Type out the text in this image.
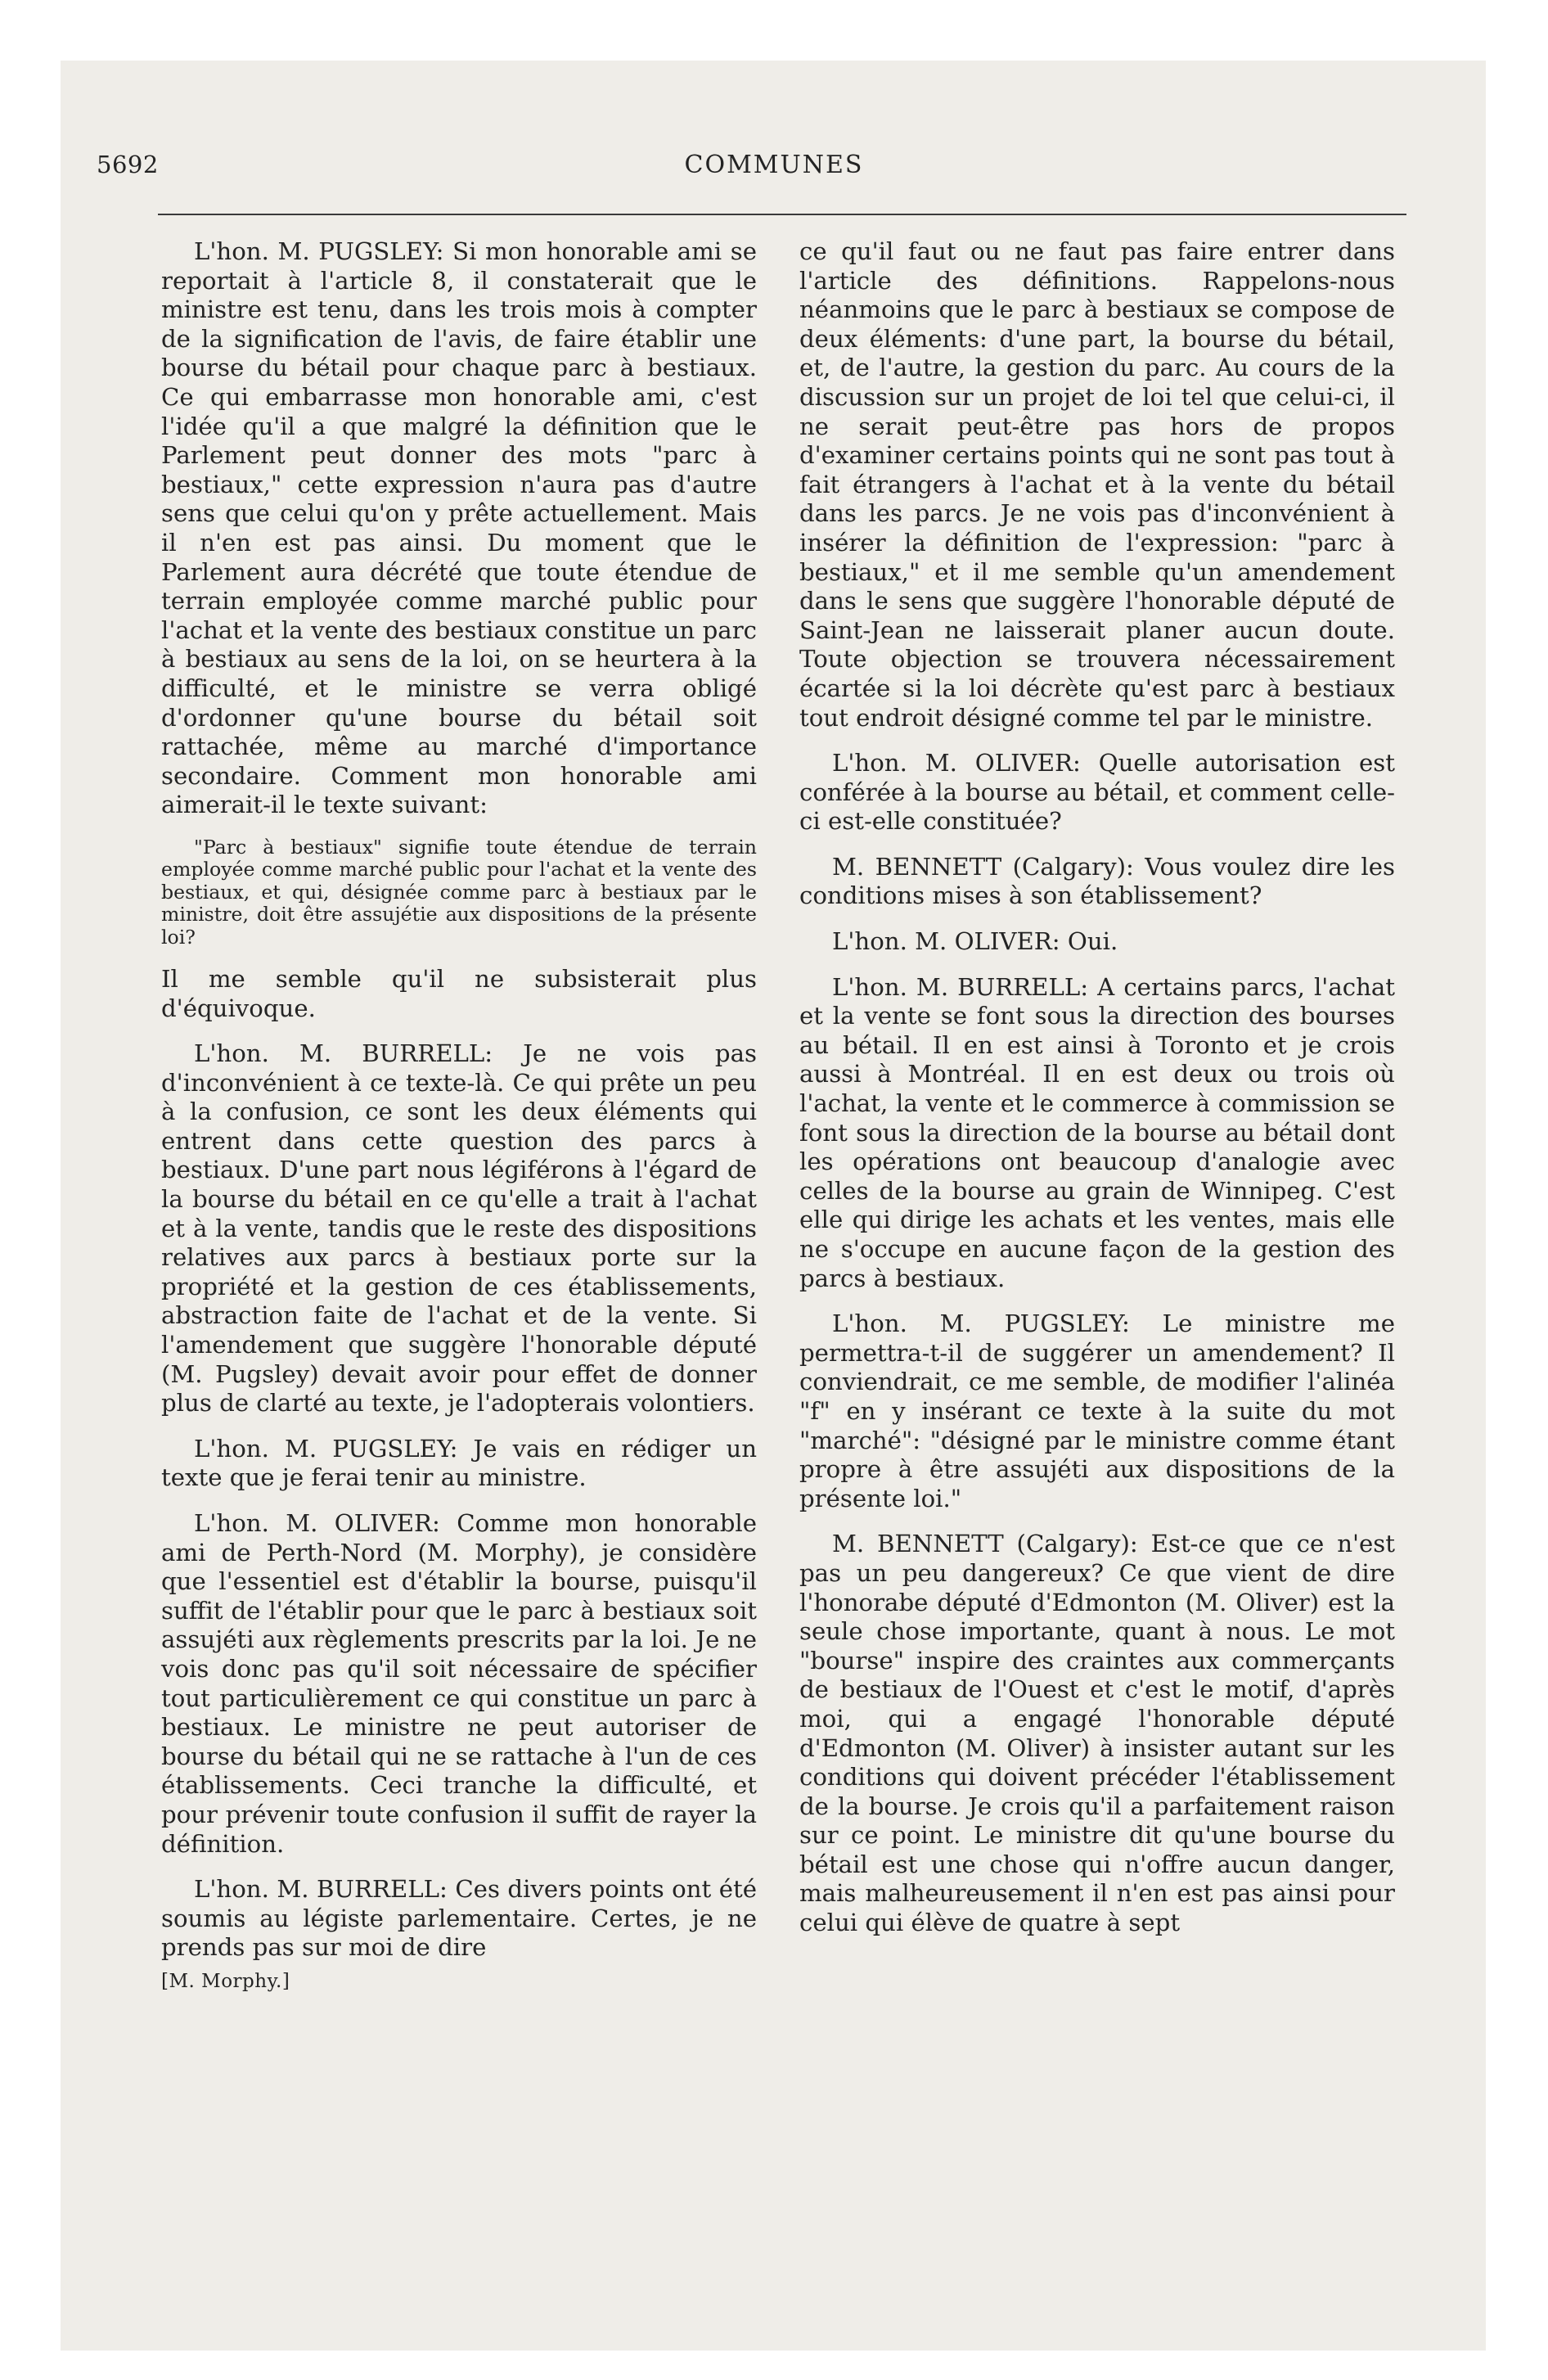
5692	COMMUNES

L'hon. M. PUGSLEY: Si mon honorable ami se reportait à l'article 8, il constaterait que le ministre est tenu, dans les trois mois à compter de la signification de l'avis, de faire établir une bourse du bétail pour chaque parc à bestiaux. Ce qui embarrasse mon honorable ami, c'est l'idée qu'il a que malgré la définition que le Parlement peut donner des mots "parc à bestiaux," cette expression n'aura pas d'autre sens que celui qu'on y prête actuellement. Mais il n'en est pas ainsi. Du moment que le Parlement aura décrété que toute étendue de terrain employée comme marché public pour l'achat et la vente des bestiaux constitue un parc à bestiaux au sens de la loi, on se heurtera à la difficulté, et le ministre se verra obligé d'ordonner qu'une bourse du bétail soit rattachée, même au marché d'importance secondaire. Comment mon honorable ami aimerait-il le texte suivant:

"Parc à bestiaux" signifie toute étendue de terrain employée comme marché public pour l'achat et la vente des bestiaux, et qui, désignée comme parc à bestiaux par le ministre, doit être assujétie aux dispositions de la présente loi?

Il me semble qu'il ne subsisterait plus d'équivoque.

L'hon. M. BURRELL: Je ne vois pas d'inconvénient à ce texte-là. Ce qui prête un peu à la confusion, ce sont les deux éléments qui entrent dans cette question des parcs à bestiaux. D'une part nous légiférons à l'égard de la bourse du bétail en ce qu'elle a trait à l'achat et à la vente, tandis que le reste des dispositions relatives aux parcs à bestiaux porte sur la propriété et la gestion de ces établissements, abstraction faite de l'achat et de la vente. Si l'amendement que suggère l'honorable député (M. Pugsley) devait avoir pour effet de donner plus de clarté au texte, je l'adopterais volontiers.

L'hon. M. PUGSLEY: Je vais en rédiger un texte que je ferai tenir au ministre.

L'hon. M. OLIVER: Comme mon honorable ami de Perth-Nord (M. Morphy), je considère que l'essentiel est d'établir la bourse, puisqu'il suffit de l'établir pour que le parc à bestiaux soit assujéti aux règlements prescrits par la loi. Je ne vois donc pas qu'il soit nécessaire de spécifier tout particulièrement ce qui constitue un parc à bestiaux. Le ministre ne peut autoriser de bourse du bétail qui ne se rattache à l'un de ces établissements. Ceci tranche la difficulté, et pour prévenir toute confusion il suffit de rayer la définition.

L'hon. M. BURRELL: Ces divers points ont été soumis au légiste parlementaire. Certes, je ne prends pas sur moi de dire

[M. Morphy.]

ce qu'il faut ou ne faut pas faire entrer dans l'article des définitions. Rappelons-nous néanmoins que le parc à bestiaux se compose de deux éléments: d'une part, la bourse du bétail, et, de l'autre, la gestion du parc. Au cours de la discussion sur un projet de loi tel que celui-ci, il ne serait peut-être pas hors de propos d'examiner certains points qui ne sont pas tout à fait étrangers à l'achat et à la vente du bétail dans les parcs. Je ne vois pas d'inconvénient à insérer la définition de l'expression: "parc à bestiaux," et il me semble qu'un amendement dans le sens que suggère l'honorable député de Saint-Jean ne laisserait planer aucun doute. Toute objection se trouvera nécessairement écartée si la loi décrète qu'est parc à bestiaux tout endroit désigné comme tel par le ministre.

L'hon. M. OLIVER: Quelle autorisation est conférée à la bourse au bétail, et comment celle-ci est-elle constituée?

M. BENNETT (Calgary): Vous voulez dire les conditions mises à son établissement?

L'hon. M. OLIVER: Oui.

L'hon. M. BURRELL: A certains parcs, l'achat et la vente se font sous la direction des bourses au bétail. Il en est ainsi à Toronto et je crois aussi à Montréal. Il en est deux ou trois où l'achat, la vente et le commerce à commission se font sous la direction de la bourse au bétail dont les opérations ont beaucoup d'analogie avec celles de la bourse au grain de Winnipeg. C'est elle qui dirige les achats et les ventes, mais elle ne s'occupe en aucune façon de la gestion des parcs à bestiaux.

L'hon. M. PUGSLEY: Le ministre me permettra-t-il de suggérer un amendement? Il conviendrait, ce me semble, de modifier l'alinéa "f" en y insérant ce texte à la suite du mot "marché": "désigné par le ministre comme étant propre à être assujéti aux dispositions de la présente loi."

M. BENNETT (Calgary): Est-ce que ce n'est pas un peu dangereux? Ce que vient de dire l'honorabe député d'Edmonton (M. Oliver) est la seule chose importante, quant à nous. Le mot "bourse" inspire des craintes aux commerçants de bestiaux de l'Ouest et c'est le motif, d'après moi, qui a engagé l'honorable député d'Edmonton (M. Oliver) à insister autant sur les conditions qui doivent précéder l'établissement de la bourse. Je crois qu'il a parfaitement raison sur ce point. Le ministre dit qu'une bourse du bétail est une chose qui n'offre aucun danger, mais malheureusement il n'en est pas ainsi pour celui qui élève de quatre à sept
